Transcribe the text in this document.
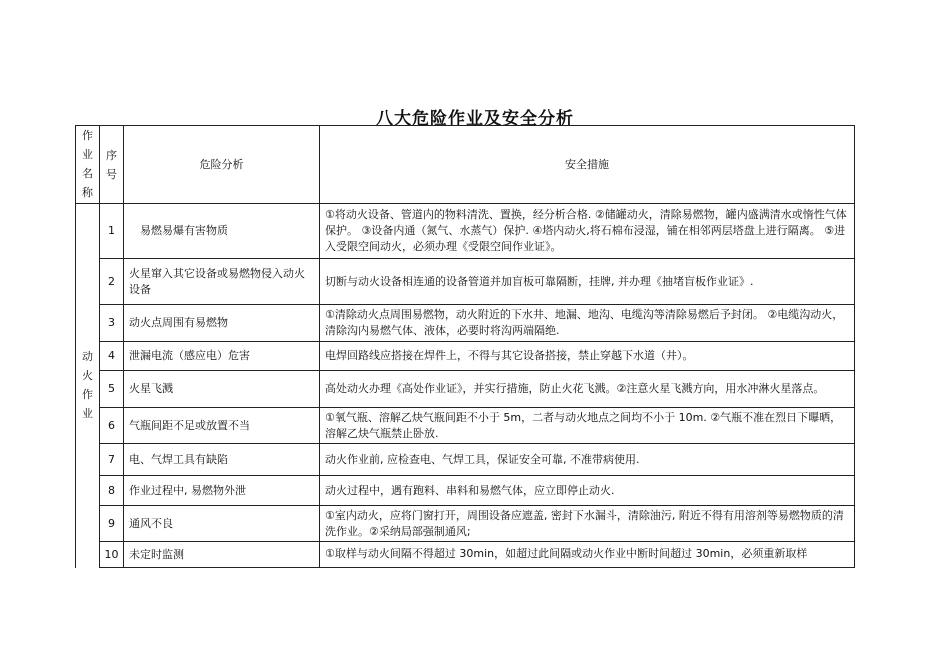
八大危险作业及安全分析
作业名称	序号	危险分析	安全措施
动火作业	1	易燃易爆有害物质	①将动火设备、管道内的物料清洗、置换，经分析合格. ②储罐动火，清除易燃物，罐内盛满清水或惰性气体保护。 ③设备内通（氮气、水蒸气）保护. ④塔内动火,将石棉布浸湿，铺在相邻两层塔盘上进行隔离。 ⑤进入受限空间动火，必须办理《受限空间作业证》。
	2	火星窜入其它设备或易燃物侵入动火设备	切断与动火设备相连通的设备管道并加盲板可靠隔断，挂牌, 并办理《抽堵盲板作业证》.
	3	动火点周围有易燃物	①清除动火点周围易燃物，动火附近的下水井、地漏、地沟、电缆沟等清除易燃后予封闭。 ②电缆沟动火，清除沟内易燃气体、液体，必要时将沟两端隔绝.
	4	泄漏电流（感应电）危害	电焊回路线应搭接在焊件上，不得与其它设备搭接，禁止穿越下水道（井）。
	5	火星飞溅	高处动火办理《高处作业证》，并实行措施，防止火花飞溅。②注意火星飞溅方向，用水冲淋火星落点。
	6	气瓶间距不足或放置不当	①氧气瓶、溶解乙炔气瓶间距不小于 5m，二者与动火地点之间均不小于 10m. ②气瓶不准在烈日下曝晒，溶解乙炔气瓶禁止卧放.
	7	电、气焊工具有缺陷	动火作业前, 应检查电、气焊工具，保证安全可靠, 不准带病使用.
	8	作业过程中, 易燃物外泄	动火过程中，遇有跑料、串料和易燃气体，应立即停止动火.
	9	通风不良	①室内动火，应将门窗打开，周围设备应遮盖, 密封下水漏斗，清除油污, 附近不得有用溶剂等易燃物质的清洗作业。②采纳局部强制通风;
	10	未定时监测	①取样与动火间隔不得超过 30min，如超过此间隔或动火作业中断时间超过 30min，必须重新取样
